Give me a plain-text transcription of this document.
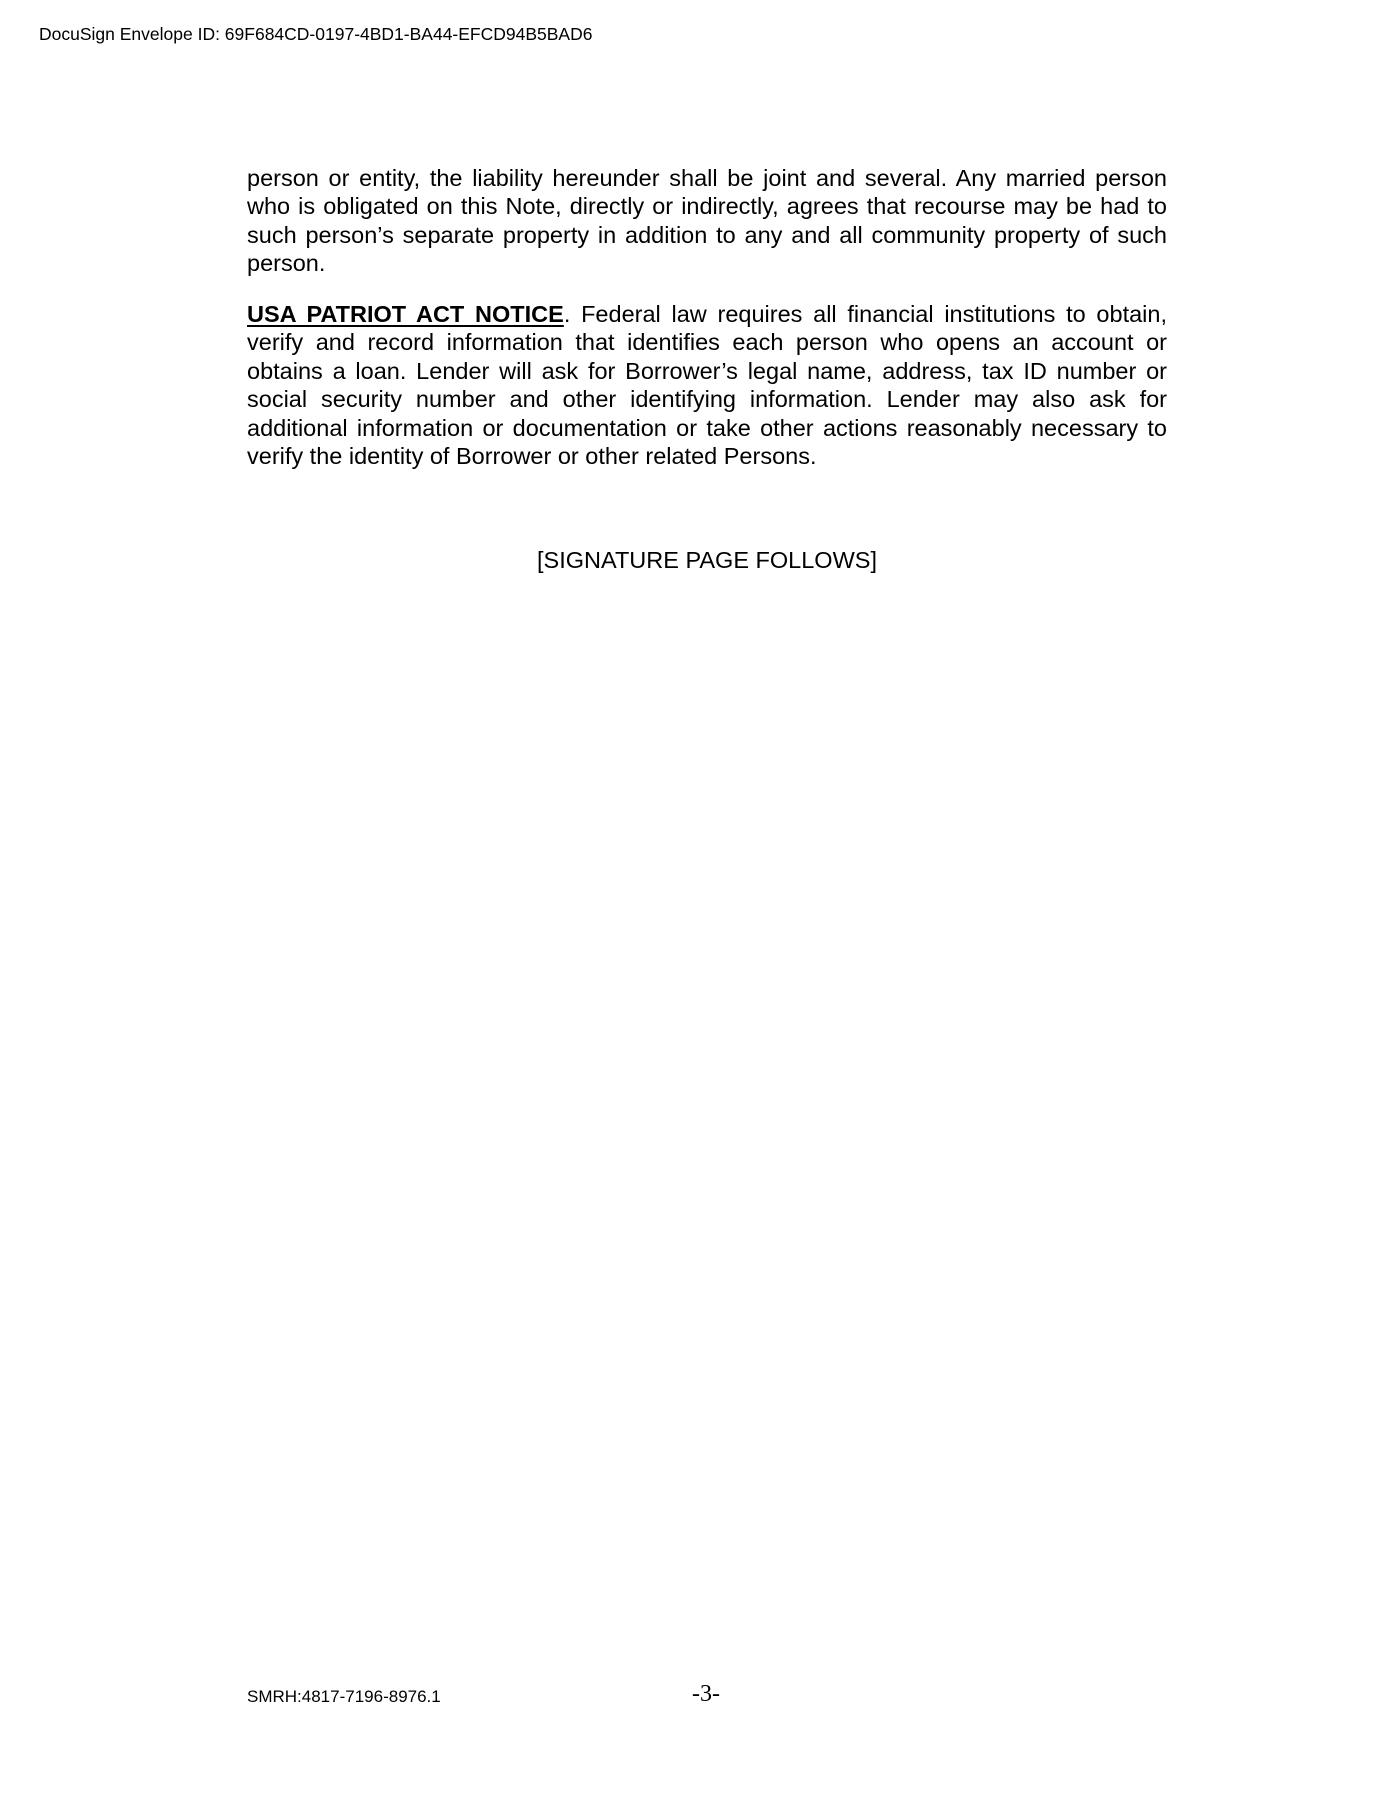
DocuSign Envelope ID: 69F684CD-0197-4BD1-BA44-EFCD94B5BAD6

person or entity, the liability hereunder shall be joint and several. Any married person who is obligated on this Note, directly or indirectly, agrees that recourse may be had to such person’s separate property in addition to any and all community property of such person.

USA PATRIOT ACT NOTICE. Federal law requires all financial institutions to obtain, verify and record information that identifies each person who opens an account or obtains a loan. Lender will ask for Borrower’s legal name, address, tax ID number or social security number and other identifying information. Lender may also ask for additional information or documentation or take other actions reasonably necessary to verify the identity of Borrower or other related Persons.

[SIGNATURE PAGE FOLLOWS]
SMRH:4817-7196-8976.1	-3-
